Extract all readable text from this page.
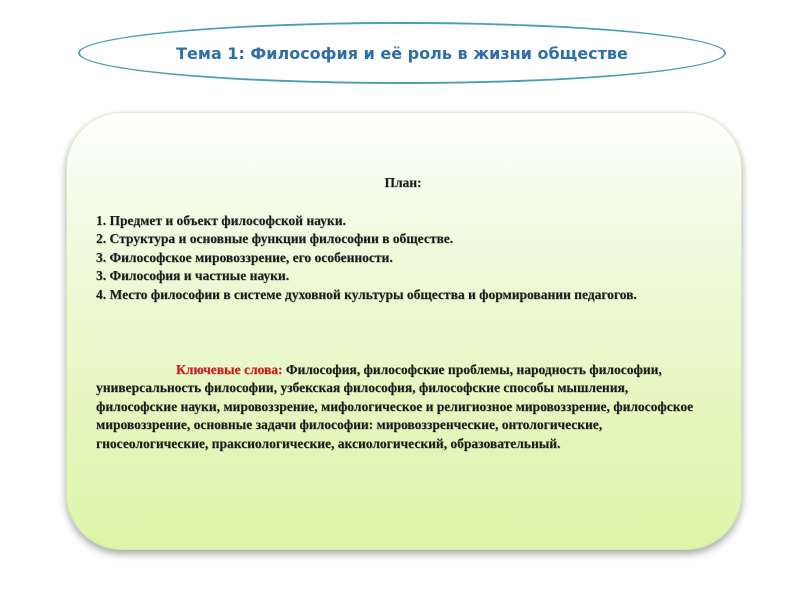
Тема 1: Философия и её роль в жизни обществе
План:
1. Предмет и объект философской науки.
2. Структура и основные функции философии в обществе.
3. Философское мировоззрение, его особенности.
3. Философия и частные науки.
4. Место философии в системе духовной культуры общества и формировании педагогов.
Ключевые слова: Философия, философские проблемы, народность философии, универсальность философии, узбекская философия, философские способы мышления, философские науки, мировоззрение, мифологическое и религиозное мировоззрение, философское мировоззрение, основные задачи философии: мировоззренческие, онтологические, гносеологические, праксиологические, аксиологический, образовательный.
